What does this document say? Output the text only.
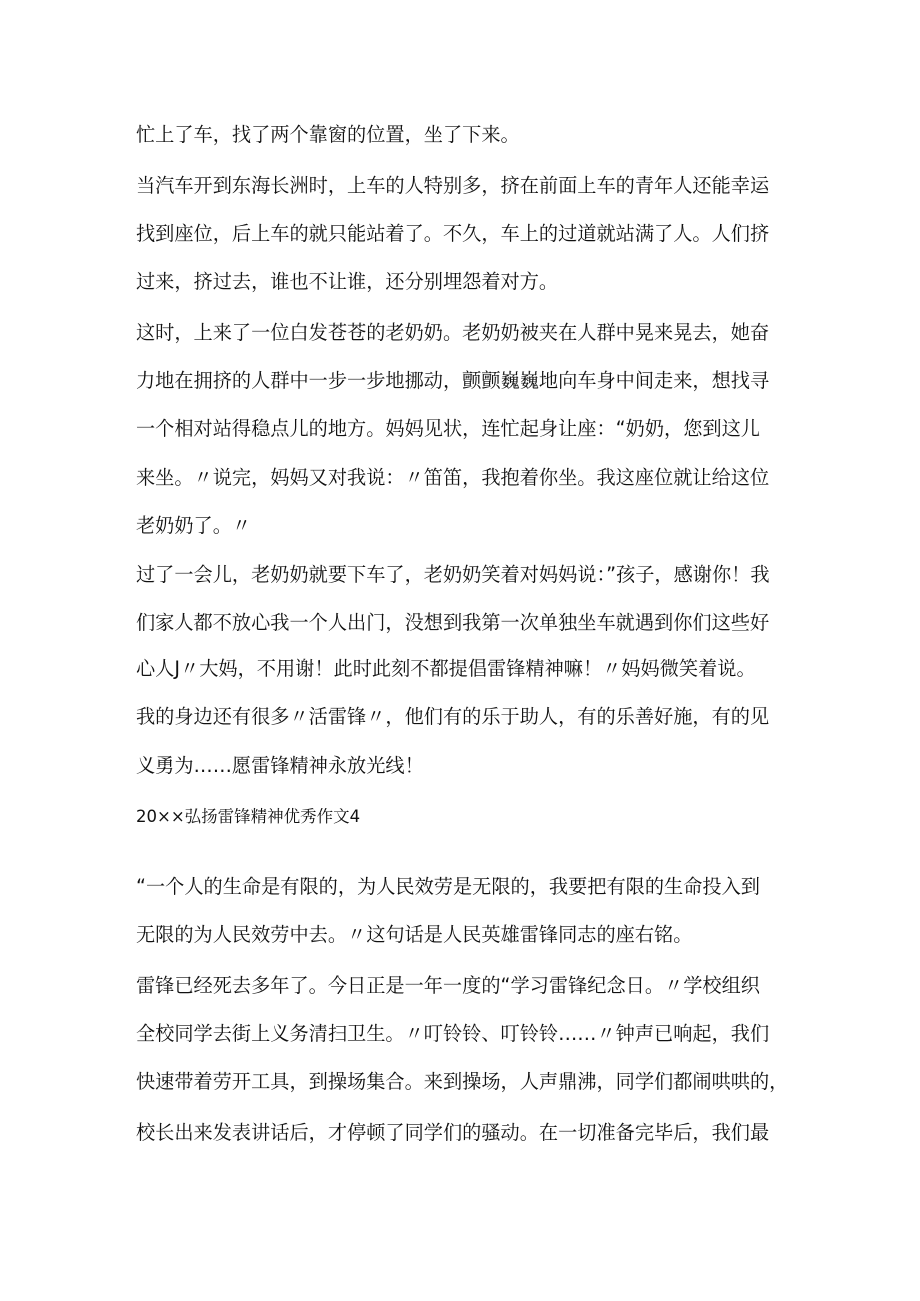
忙上了车，找了两个靠窗的位置，坐了下来。

当汽车开到东海长洲时，上车的人特别多，挤在前面上车的青年人还能幸运

找到座位，后上车的就只能站着了。不久，车上的过道就站满了人。人们挤

过来，挤过去，谁也不让谁，还分别埋怨着对方。

这时，上来了一位白发苍苍的老奶奶。老奶奶被夹在人群中晃来晃去，她奋

力地在拥挤的人群中一步一步地挪动，颤颤巍巍地向车身中间走来，想找寻

一个相对站得稳点儿的地方。妈妈见状，连忙起身让座：“奶奶，您到这儿

来坐。〃说完，妈妈又对我说：〃笛笛，我抱着你坐。我这座位就让给这位

老奶奶了。〃

过了一会儿，老奶奶就要下车了，老奶奶笑着对妈妈说：”孩子，感谢你！我

们家人都不放心我一个人出门，没想到我第一次单独坐车就遇到你们这些好

心人J〃大妈，不用谢！此时此刻不都提倡雷锋精神嘛！〃妈妈微笑着说。

我的身边还有很多〃活雷锋〃，他们有的乐于助人，有的乐善好施，有的见

义勇为……愿雷锋精神永放光线！

20××弘扬雷锋精神优秀作文4

“一个人的生命是有限的，为人民效劳是无限的，我要把有限的生命投入到

无限的为人民效劳中去。〃这句话是人民英雄雷锋同志的座右铭。

雷锋已经死去多年了。今日正是一年一度的“学习雷锋纪念日。〃学校组织

全校同学去街上义务清扫卫生。〃叮铃铃、叮铃铃……〃钟声已响起，我们

快速带着劳开工具，到操场集合。来到操场，人声鼎沸，同学们都闹哄哄的，

校长出来发表讲话后，才停顿了同学们的骚动。在一切准备完毕后，我们最
